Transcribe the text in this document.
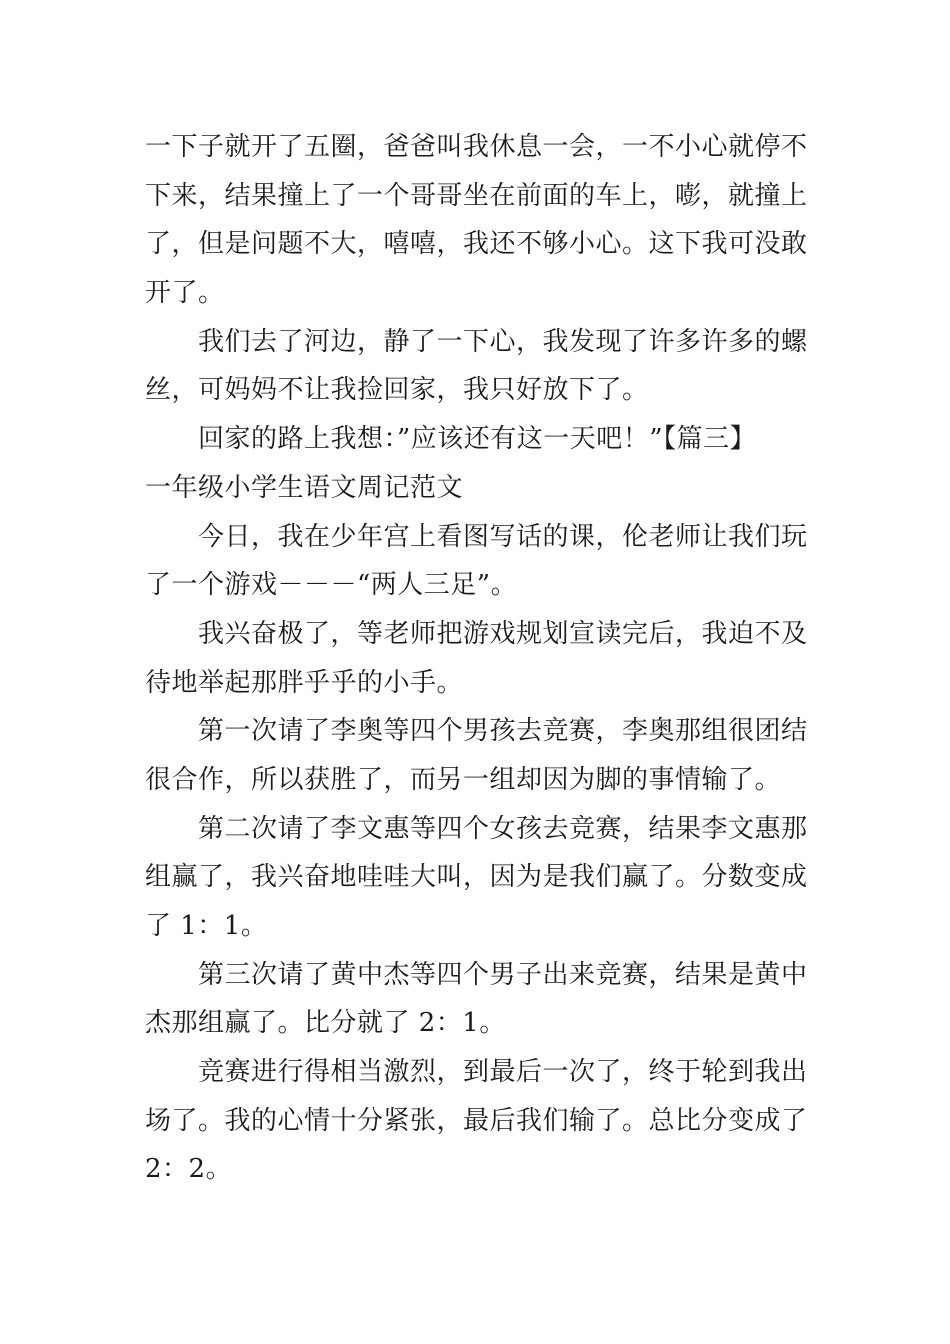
一下子就开了五圈，爸爸叫我休息一会，一不小心就停不
下来，结果撞上了一个哥哥坐在前面的车上，嘭，就撞上
了，但是问题不大，嘻嘻，我还不够小心。这下我可没敢
开了。
我们去了河边，静了一下心，我发现了许多许多的螺
丝，可妈妈不让我捡回家，我只好放下了。
回家的路上我想：”应该还有这一天吧！”【篇三】
一年级小学生语文周记范文
今日，我在少年宫上看图写话的课，伦老师让我们玩
了一个游戏－－－“两人三足”。
我兴奋极了，等老师把游戏规划宣读完后，我迫不及
待地举起那胖乎乎的小手。
第一次请了李奥等四个男孩去竞赛，李奥那组很团结
很合作，所以获胜了，而另一组却因为脚的事情输了。
第二次请了李文惠等四个女孩去竞赛，结果李文惠那
组赢了，我兴奋地哇哇大叫，因为是我们赢了。分数变成
了 1：1。
第三次请了黄中杰等四个男子出来竞赛，结果是黄中
杰那组赢了。比分就了 2：1。
竞赛进行得相当激烈，到最后一次了，终于轮到我出
场了。我的心情十分紧张，最后我们输了。总比分变成了
2：2。
